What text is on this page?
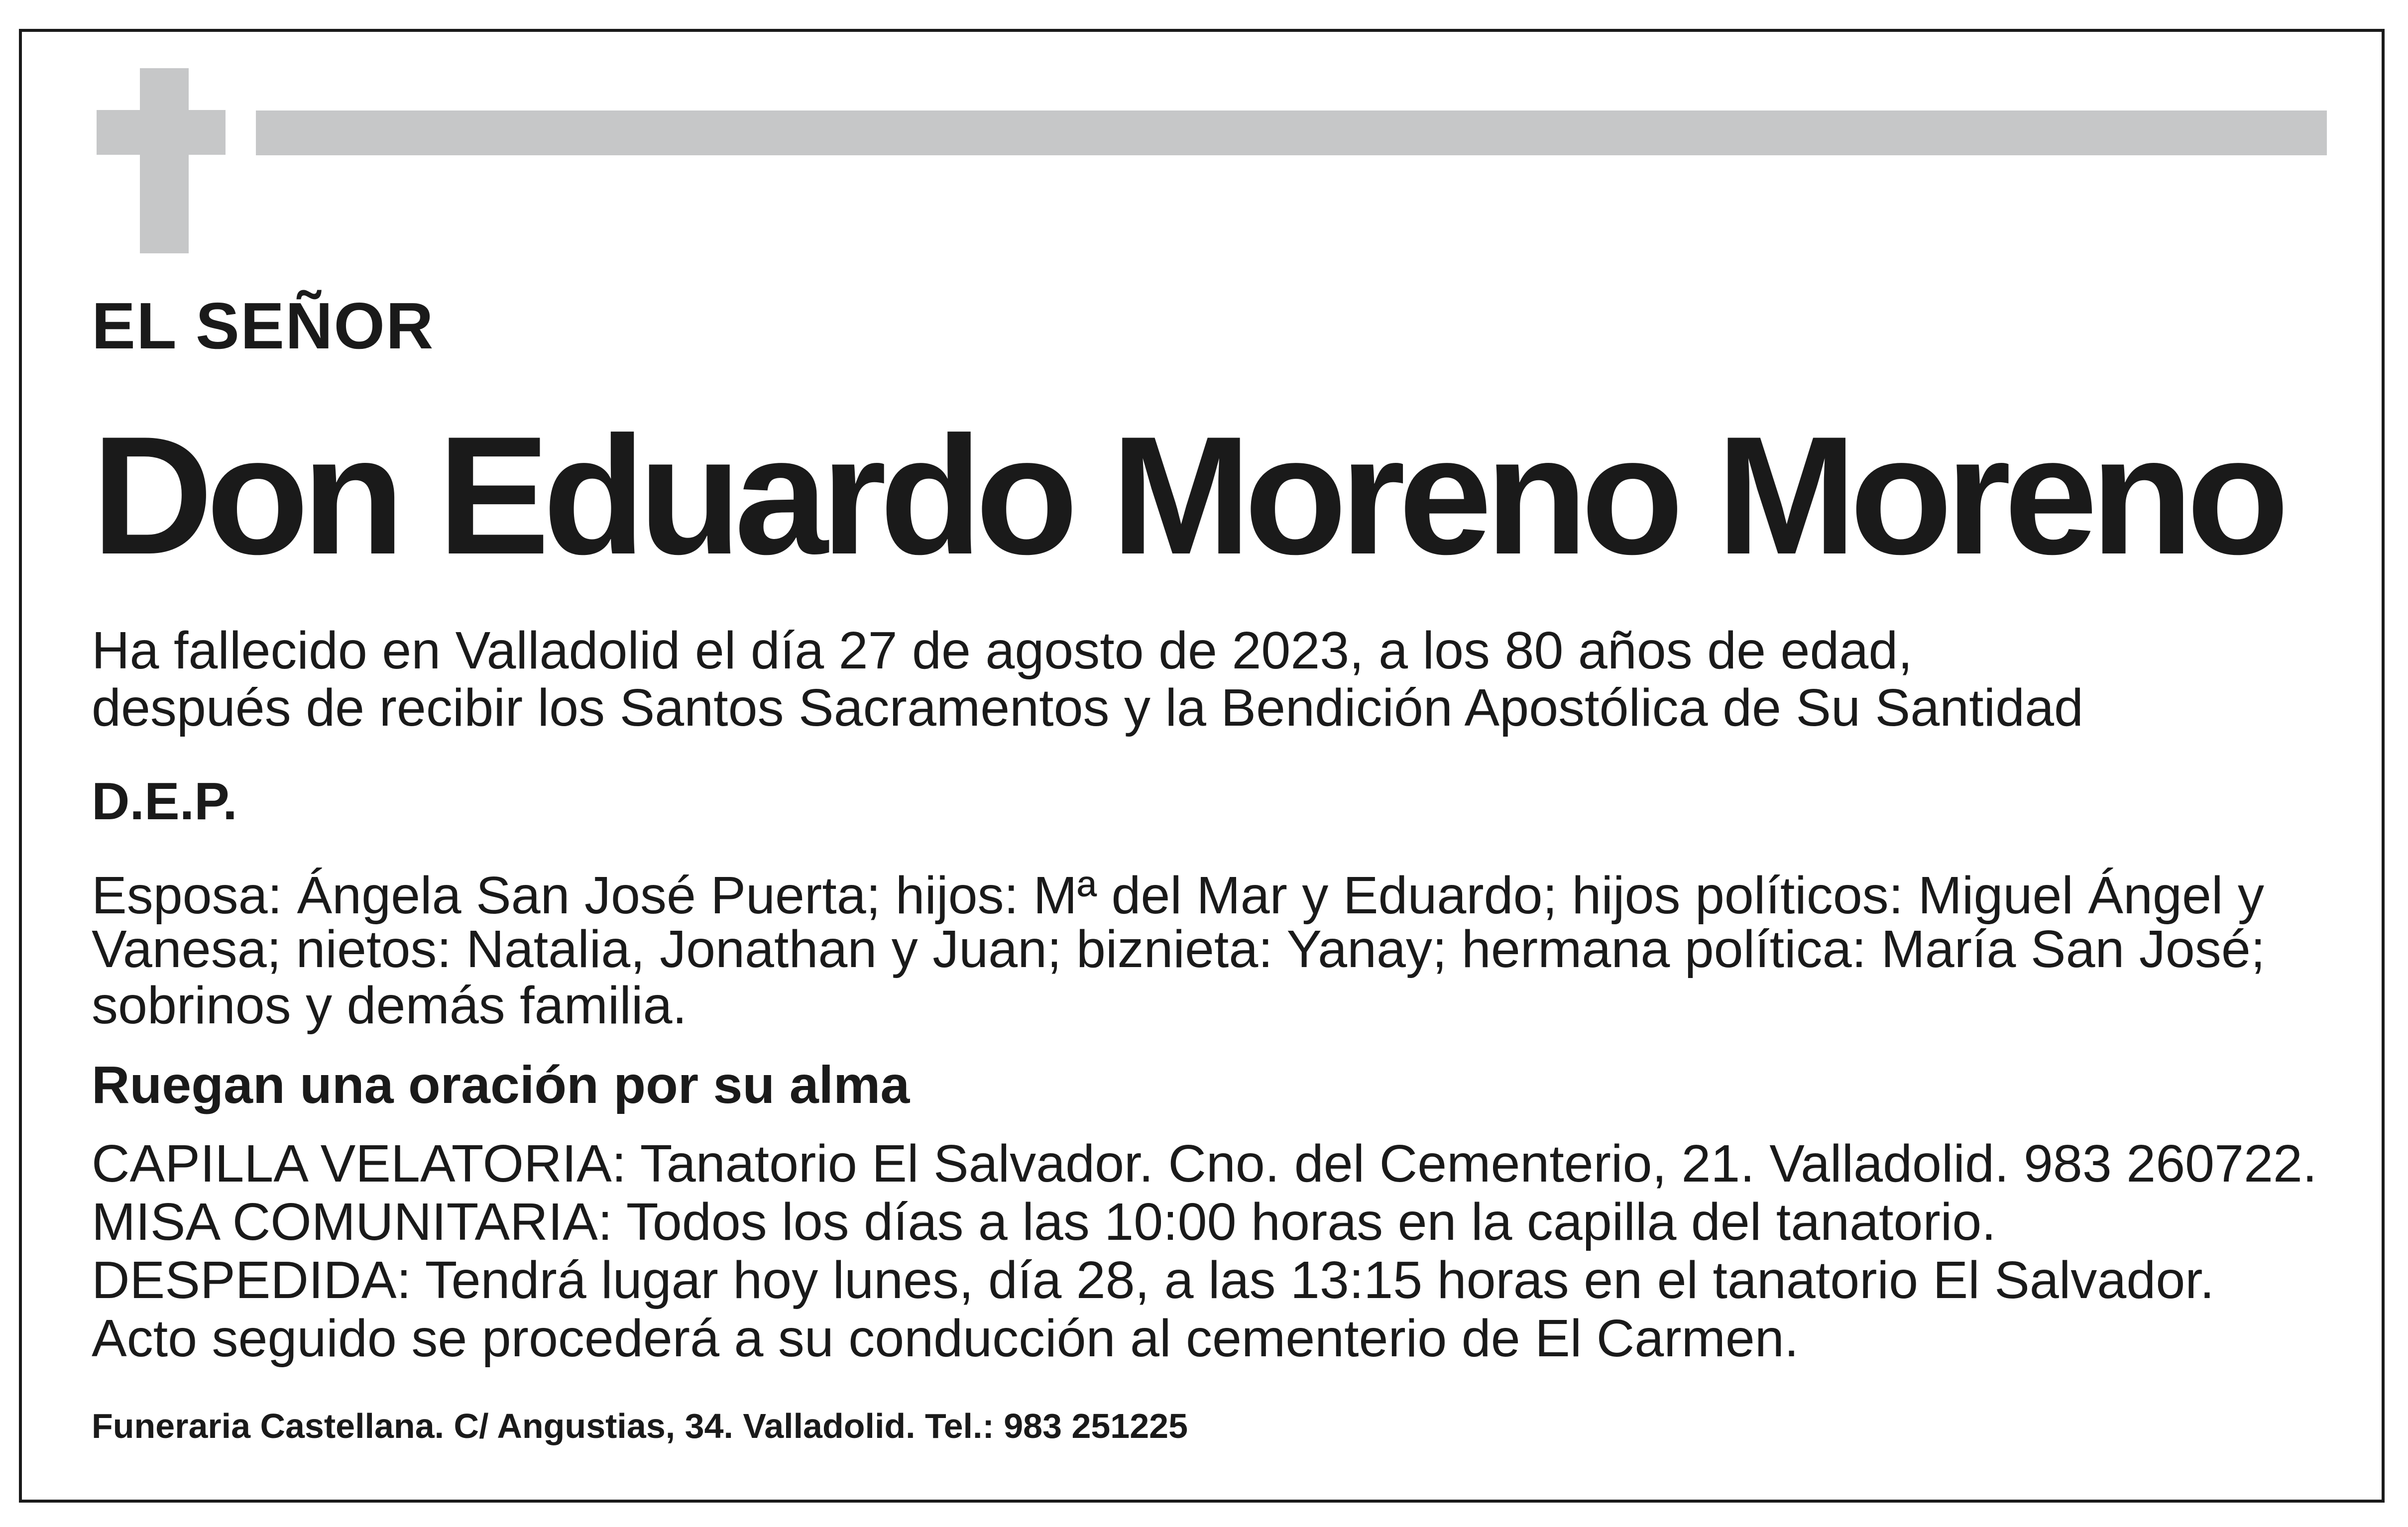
EL SEÑOR
Don Eduardo Moreno Moreno
Ha fallecido en Valladolid el día 27 de agosto de 2023, a los 80 años de edad,
después de recibir los Santos Sacramentos y la Bendición Apostólica de Su Santidad
D.E.P.
Esposa: Ángela San José Puerta; hijos: Mª del Mar y Eduardo; hijos políticos: Miguel Ángel y
Vanesa; nietos: Natalia, Jonathan y Juan; biznieta: Yanay; hermana política: María San José;
sobrinos y demás familia.
Ruegan una oración por su alma
CAPILLA VELATORIA: Tanatorio El Salvador. Cno. del Cementerio, 21. Valladolid. 983 260722.
MISA COMUNITARIA: Todos los días a las 10:00 horas en la capilla del tanatorio.
DESPEDIDA: Tendrá lugar hoy lunes, día 28, a las 13:15 horas en el tanatorio El Salvador.
Acto seguido se procederá a su conducción al cementerio de El Carmen.
Funeraria Castellana. C/ Angustias, 34. Valladolid. Tel.: 983 251225
